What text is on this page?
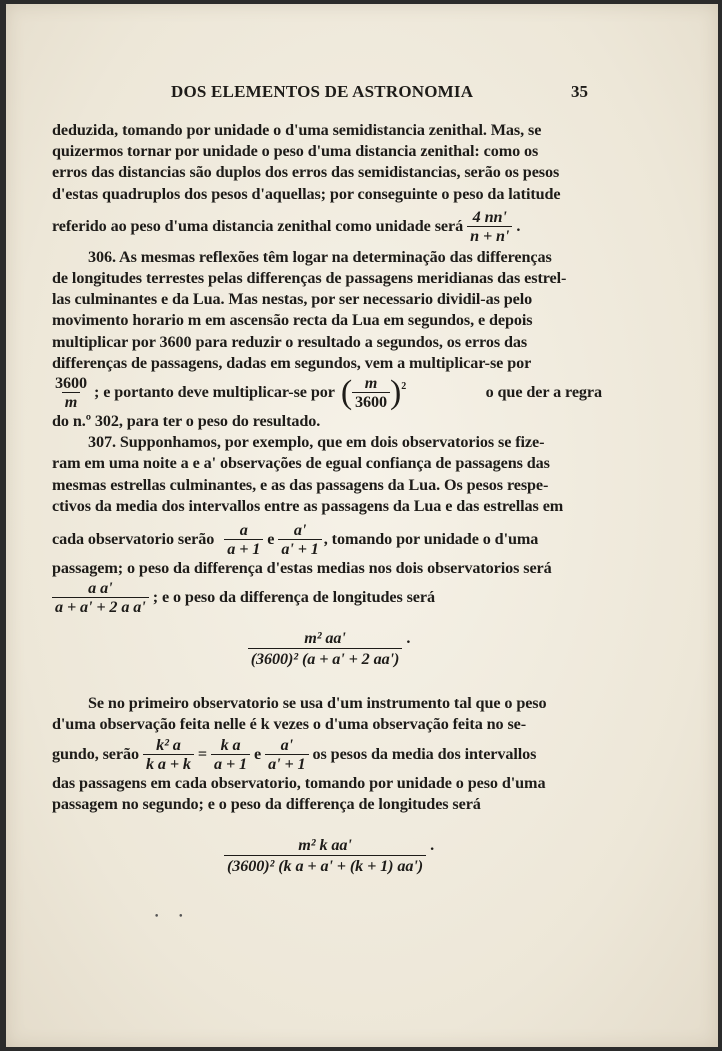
DOS ELEMENTOS DE ASTRONOMIA	35

deduzida, tomando por unidade o d'uma semidistancia zenithal. Mas, se

quizermos tornar por unidade o peso d'uma distancia zenithal: como os

erros das distancias são duplos dos erros das semidistancias, serão os pesos

d'estas quadruplos dos pesos d'aquellas; por conseguinte o peso da latitude

referido ao peso d'uma distancia zenithal como unidade será $\frac{4 nn'}{n + n'}$ .

306. As mesmas reflexões têm logar na determinação das differenças

de longitudes terrestes pelas differenças de passagens meridianas das estrel-

las culminantes e da Lua. Mas nestas, por ser necessario dividil-as pelo

movimento horario m em ascensão recta da Lua em segundos, e depois

multiplicar por 3600 para reduzir o resultado a segundos, os erros das

differenças de passagens, dadas em segundos, vem a multiplicar-se por

$\frac{3600}{m}$ ; e portanto deve multiplicar-se por ( $\frac{m}{3600} )^2$	o que der a regra

do n.º 302, para ter o peso do resultado.

307. Supponhamos, por exemplo, que em dois observatorios se fize-

ram em uma noite a e a' observações de egual confiança de passagens das

mesmas estrellas culminantes, e as das passagens da Lua. Os pesos respe-

ctivos da media dos intervallos entre as passagens da Lua e das estrellas em

cada observatorio serão $\frac{a}{a + 1}$ e $\frac{a'}{a' + 1}$ , tomando por unidade o d'uma

passagem; o peso da differença d'estas medias nos dois observatorios será

$\frac{\text{a a'}}{\text{a + a' + 2 a a'}}$ ; e o peso da differença de longitudes será
$\frac{\text{m² aa'}}{\text{(3600)² (a + a' + 2 aa')}}$ .

Se no primeiro observatorio se usa d'um instrumento tal que o peso

d'uma observação feita nelle é k vezes o d'uma observação feita no se-

gundo, serão $\frac{\text{k² a}}{\text{k a + k}} = \frac{\text{k a}}{a + 1}$ e $\frac{a'}{a' + 1}$ os pesos da media dos intervallos

das passagens em cada observatorio, tomando por unidade o peso d'uma

passagem no segundo; e o peso da differença de longitudes será

$\frac{\text{m² k aa'}}{\text{(3600)² (k a + a' + (k + 1) aa')}}$ .
• •
